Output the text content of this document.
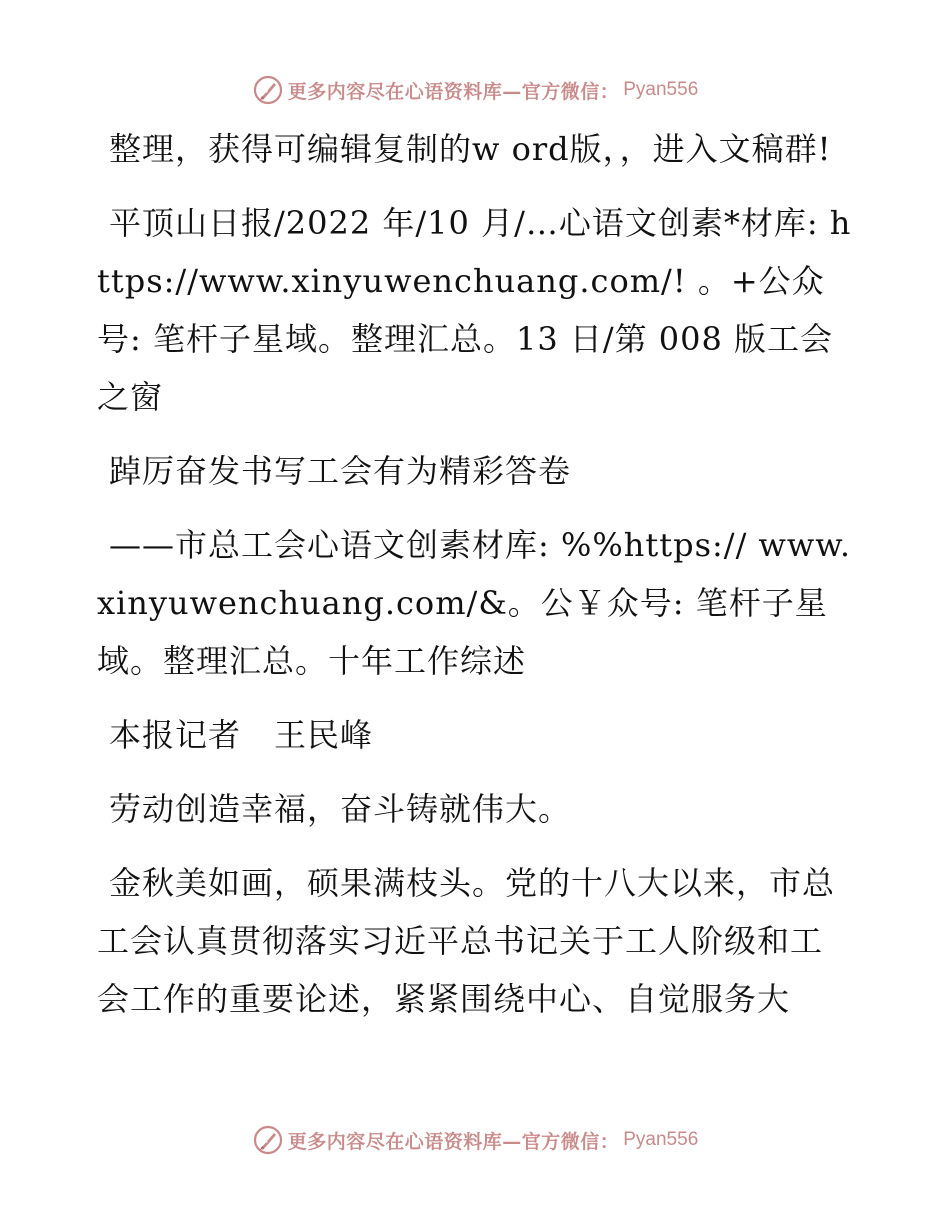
更多内容尽在心语资料库—官方微信： Pyan556

整理，获得可编辑复制的w ord版，，进入文稿群!

平顶山日报/2022 年/10 月/…心语文创素*材库: https://www.xinyuwenchuang.com/! 。+公众号: 笔杆子星域。整理汇总。13 日/第 008 版工会之窗

踔厉奋发书写工会有为精彩答卷

——市总工会心语文创素材库: %%https:// www.xinyuwenchuang.com/&。公￥众号: 笔杆子星域。整理汇总。十年工作综述

本报记者　王民峰

劳动创造幸福，奋斗铸就伟大。

金秋美如画，硕果满枝头。党的十八大以来，市总工会认真贯彻落实习近平总书记关于工人阶级和工会工作的重要论述，紧紧围绕中心、自觉服务大

更多内容尽在心语资料库—官方微信： Pyan556
